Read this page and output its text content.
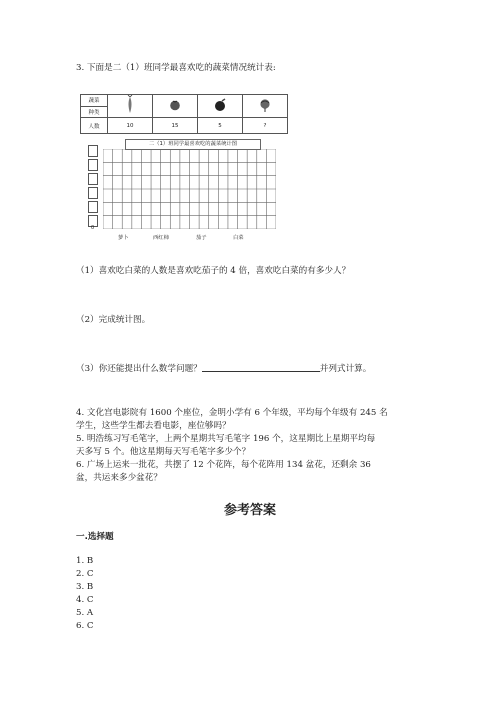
3. 下面是二（1）班同学最喜欢吃的蔬菜情况统计表:
蔬菜				
种类				
人数	10	15	5	?
二（1）班同学最喜欢吃的蔬菜统计图
0
萝卜	西红柿	茄子	白菜
（1）喜欢吃白菜的人数是喜欢吃茄子的 4 倍，喜欢吃白菜的有多少人？
（2）完成统计图。
（3）你还能提出什么数学问题？	并列式计算。
4. 文化宫电影院有 1600 个座位，金明小学有 6 个年级，平均每个年级有 245 名
学生，这些学生都去看电影，座位够吗？
5. 明浩练习写毛笔字，上两个星期共写毛笔字 196 个，这星期比上星期平均每
天多写 5 个。他这星期每天写毛笔字多少个？
6. 广场上运来一批花，共摆了 12 个花阵，每个花阵用 134 盆花，还剩余 36
盆，共运来多少盆花？
参考答案
一.选择题
1. B
2. C
3. B
4. C
5. A
6. C
